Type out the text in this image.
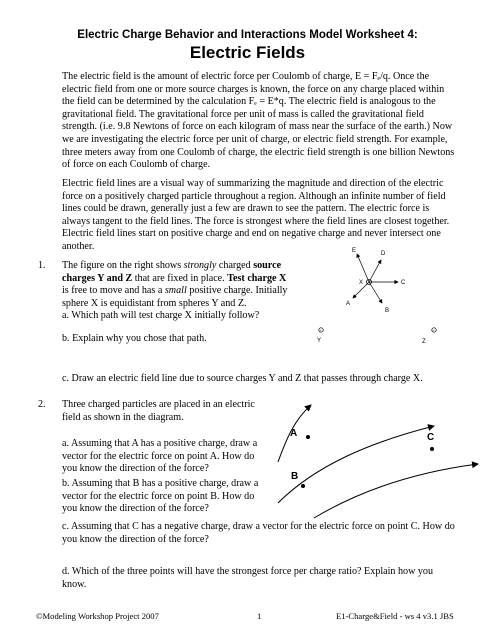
Electric Charge Behavior and Interactions Model Worksheet 4:
Electric Fields
The electric field is the amount of electric force per Coulomb of charge, E = Fₑ/q. Once the
electric field from one or more source charges is known, the force on any charge placed within
the field can be determined by the calculation Fₑ = E*q. The electric field is analogous to the
gravitational field. The gravitational force per unit of mass is called the gravitational field
strength. (i.e. 9.8 Newtons of force on each kilogram of mass near the surface of the earth.) Now
we are investigating the electric force per unit of charge, or electric field strength. For example,
three meters away from one Coulomb of charge, the electric field strength is one billion Newtons
of force on each Coulomb of charge.
Electric field lines are a visual way of summarizing the magnitude and direction of the electric
force on a positively charged particle throughout a region. Although an infinite number of field
lines could be drawn, generally just a few are drawn to see the pattern. The electric force is
always tangent to the field lines. The force is strongest where the field lines are closest together.
Electric field lines start on positive charge and end on negative charge and never intersect one
another.
1. The figure on the right shows strongly charged source
charges Y and Z that are fixed in place. Test charge X
is free to move and has a small positive charge. Initially
sphere X is equidistant from spheres Y and Z.
a. Which path will test charge X initially follow?
b. Explain why you chose that path.
c. Draw an electric field line due to source charges Y and Z that passes through charge X.
E	D
X	C
A
B
+
Y
+
Z
2. Three charged particles are placed in an electric
field as shown in the diagram.
a. Assuming that A has a positive charge, draw a
vector for the electric force on point A. How do
you know the direction of the force?
b. Assuming that B has a positive charge, draw a
vector for the electric force on point B. How do
you know the direction of the force?
A
B
C
c. Assuming that C has a negative charge, draw a vector for the electric force on point C. How do
you know the direction of the force?
d. Which of the three points will have the strongest force per charge ratio? Explain how you
know.
©Modeling Workshop Project 2007	1	E1-Charge&Field - ws 4 v3.1 JBS
